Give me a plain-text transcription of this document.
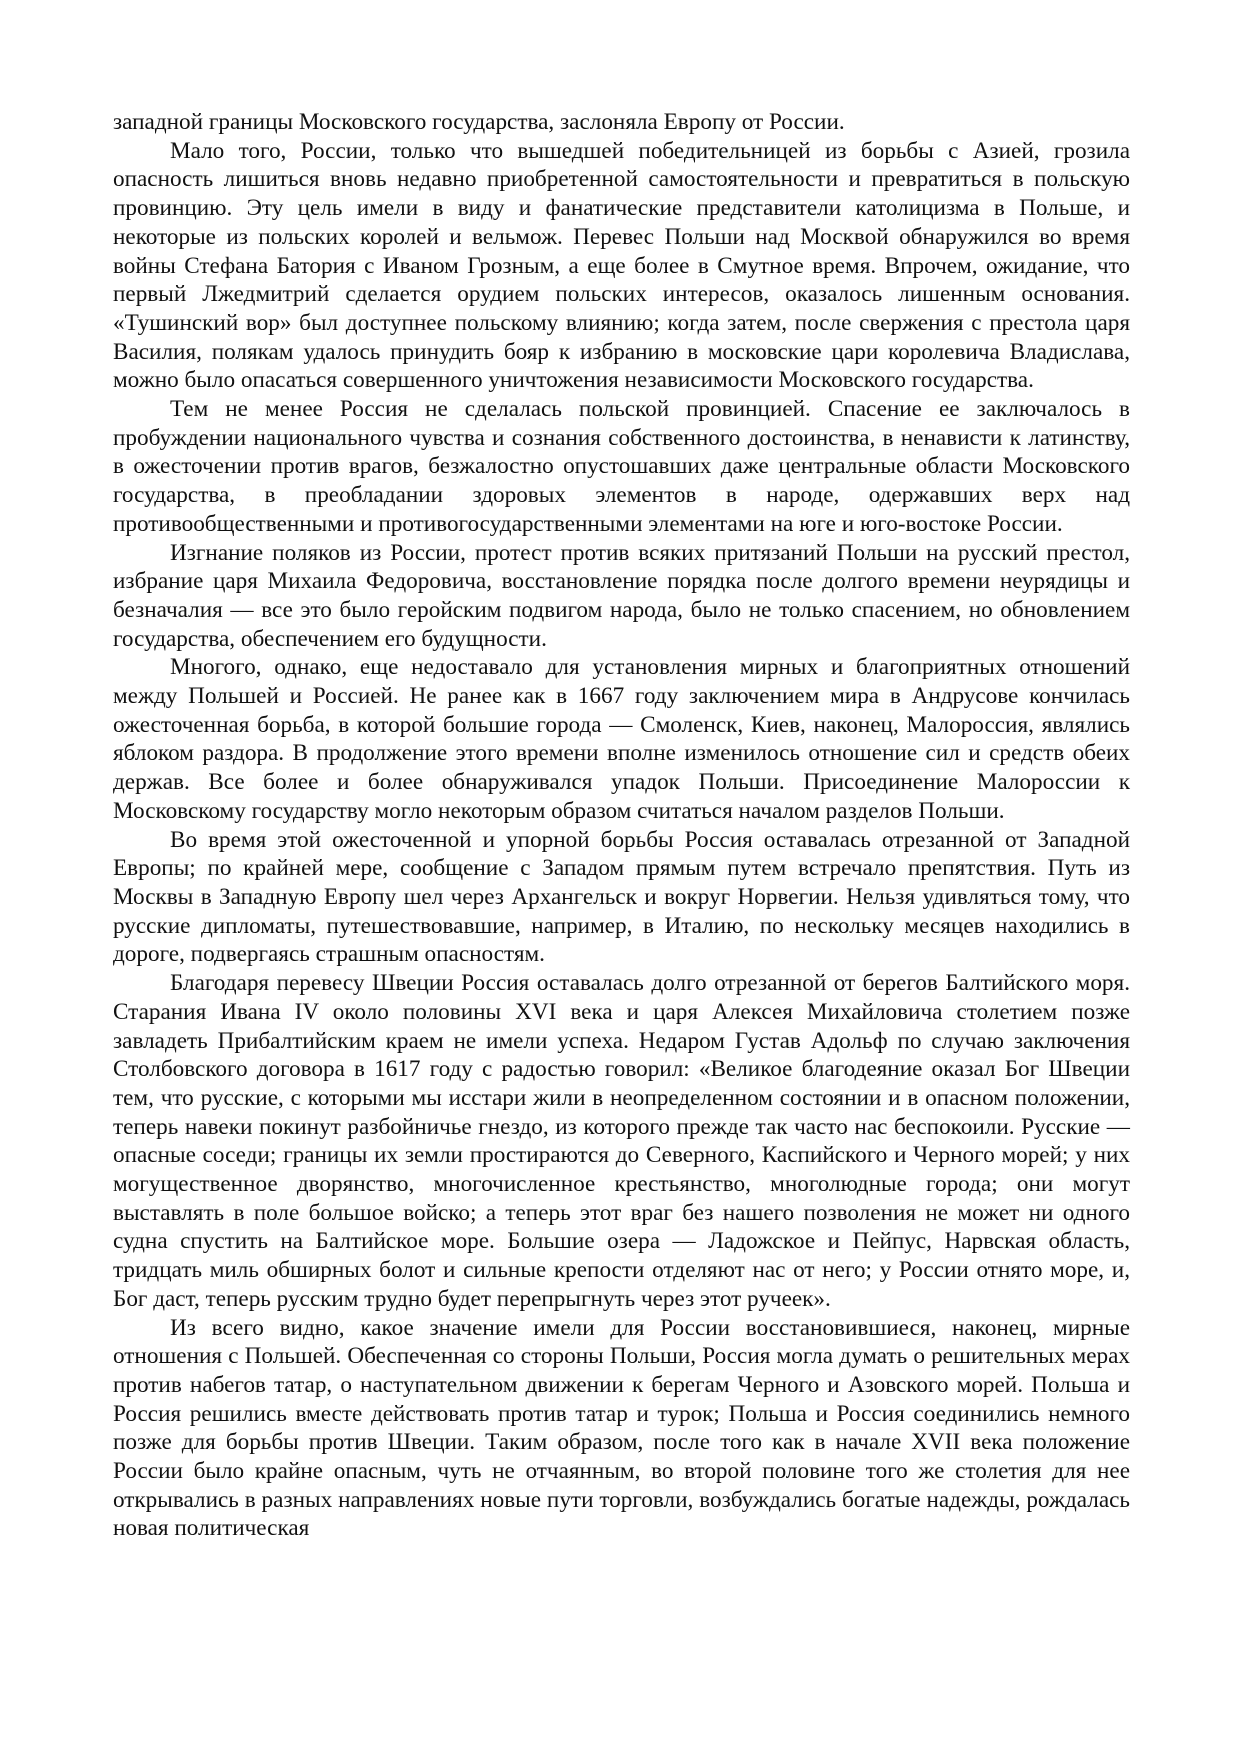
западной границы Московского государства, заслоняла Европу от России.

Мало того, России, только что вышедшей победительницей из борьбы с Азией, грозила опасность лишиться вновь недавно приобретенной самостоятельности и превратиться в польскую провинцию. Эту цель имели в виду и фанатические представители католицизма в Польше, и некоторые из польских королей и вельмож. Перевес Польши над Москвой обнаружился во время войны Стефана Батория с Иваном Грозным, а еще более в Смутное время. Впрочем, ожидание, что первый Лжедмитрий сделается орудием польских интересов, оказалось лишенным основания. «Тушинский вор» был доступнее польскому влиянию; когда затем, после свержения с престола царя Василия, полякам удалось принудить бояр к избранию в московские цари королевича Владислава, можно было опасаться совершенного уничтожения независимости Московского государства.

Тем не менее Россия не сделалась польской провинцией. Спасение ее заключалось в пробуждении национального чувства и сознания собственного достоинства, в ненависти к латинству, в ожесточении против врагов, безжалостно опустошавших даже центральные области Московского государства, в преобладании здоровых элементов в народе, одержавших верх над противообщественными и противогосударственными элементами на юге и юго-востоке России.

Изгнание поляков из России, протест против всяких притязаний Польши на русский престол, избрание царя Михаила Федоровича, восстановление порядка после долгого времени неурядицы и безначалия — все это было геройским подвигом народа, было не только спасением, но обновлением государства, обеспечением его будущности.

Многого, однако, еще недоставало для установления мирных и благоприятных отношений между Польшей и Россией. Не ранее как в 1667 году заключением мира в Андрусове кончилась ожесточенная борьба, в которой большие города — Смоленск, Киев, наконец, Малороссия, являлись яблоком раздора. В продолжение этого времени вполне изменилось отношение сил и средств обеих держав. Все более и более обнаруживался упадок Польши. Присоединение Малороссии к Московскому государству могло некоторым образом считаться началом разделов Польши.

Во время этой ожесточенной и упорной борьбы Россия оставалась отрезанной от Западной Европы; по крайней мере, сообщение с Западом прямым путем встречало препятствия. Путь из Москвы в Западную Европу шел через Архангельск и вокруг Норвегии. Нельзя удивляться тому, что русские дипломаты, путешествовавшие, например, в Италию, по нескольку месяцев находились в дороге, подвергаясь страшным опасностям.

Благодаря перевесу Швеции Россия оставалась долго отрезанной от берегов Балтийского моря. Старания Ивана IV около половины XVI века и царя Алексея Михайловича столетием позже завладеть Прибалтийским краем не имели успеха. Недаром Густав Адольф по случаю заключения Столбовского договора в 1617 году с радостью говорил: «Великое благодеяние оказал Бог Швеции тем, что русские, с которыми мы исстари жили в неопределенном состоянии и в опасном положении, теперь навеки покинут разбойничье гнездо, из которого прежде так часто нас беспокоили. Русские — опасные соседи; границы их земли простираются до Северного, Каспийского и Черного морей; у них могущественное дворянство, многочисленное крестьянство, многолюдные города; они могут выставлять в поле большое войско; а теперь этот враг без нашего позволения не может ни одного судна спустить на Балтийское море. Большие озера — Ладожское и Пейпус, Нарвская область, тридцать миль обширных болот и сильные крепости отделяют нас от него; у России отнято море, и, Бог даст, теперь русским трудно будет перепрыгнуть через этот ручеек».

Из всего видно, какое значение имели для России восстановившиеся, наконец, мирные отношения с Польшей. Обеспеченная со стороны Польши, Россия могла думать о решительных мерах против набегов татар, о наступательном движении к берегам Черного и Азовского морей. Польша и Россия решились вместе действовать против татар и турок; Польша и Россия соединились немного позже для борьбы против Швеции. Таким образом, после того как в начале XVII века положение России было крайне опасным, чуть не отчаянным, во второй половине того же столетия для нее открывались в разных направлениях новые пути торговли, возбуждались богатые надежды, рождалась новая политическая
